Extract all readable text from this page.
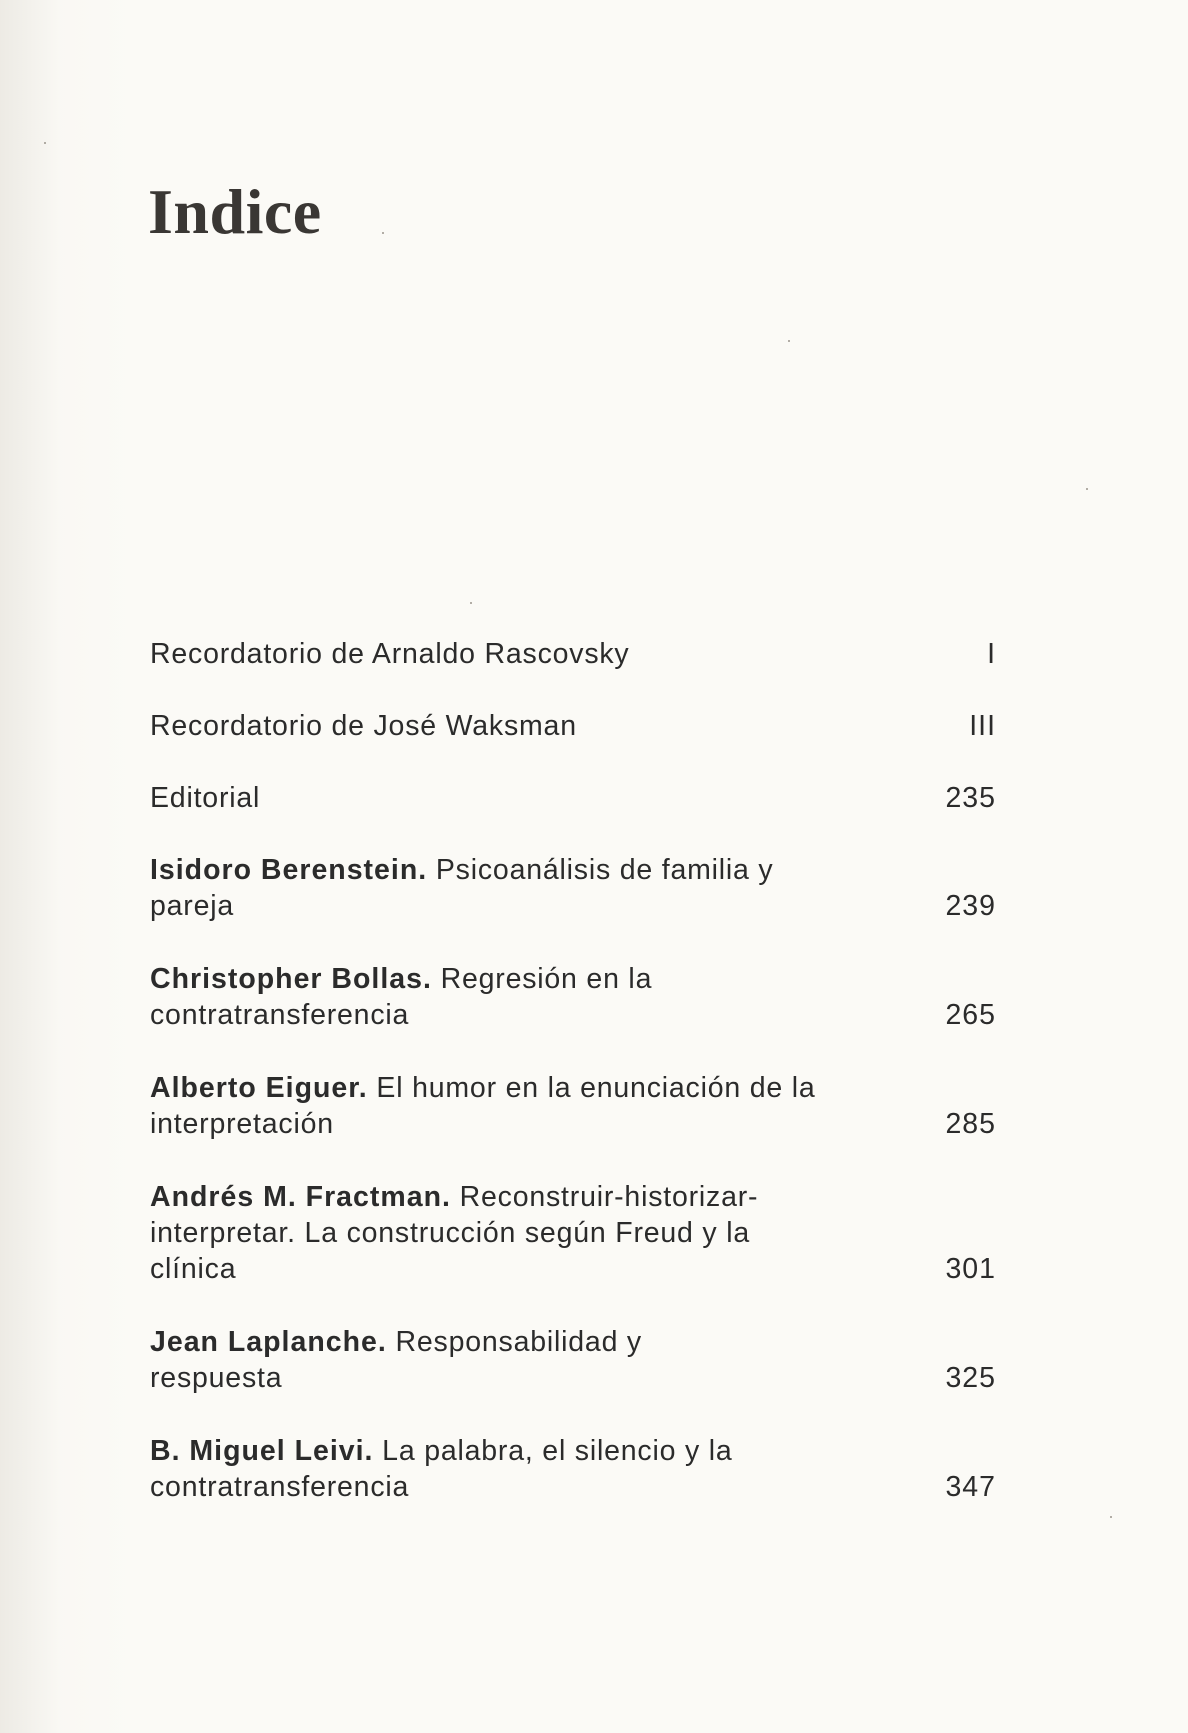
Indice
Recordatorio de Arnaldo Rascovsky	I
Recordatorio de José Waksman	III
Editorial	235
Isidoro Berenstein. Psicoanálisis de familia y pareja	239
Christopher Bollas. Regresión en la contratransferencia	265
Alberto Eiguer. El humor en la enunciación de la interpretación	285
Andrés M. Fractman. Reconstruir-historizar-interpretar. La construcción según Freud y la clínica	301
Jean Laplanche. Responsabilidad y respuesta	325
B. Miguel Leivi. La palabra, el silencio y la contratransferencia	347
